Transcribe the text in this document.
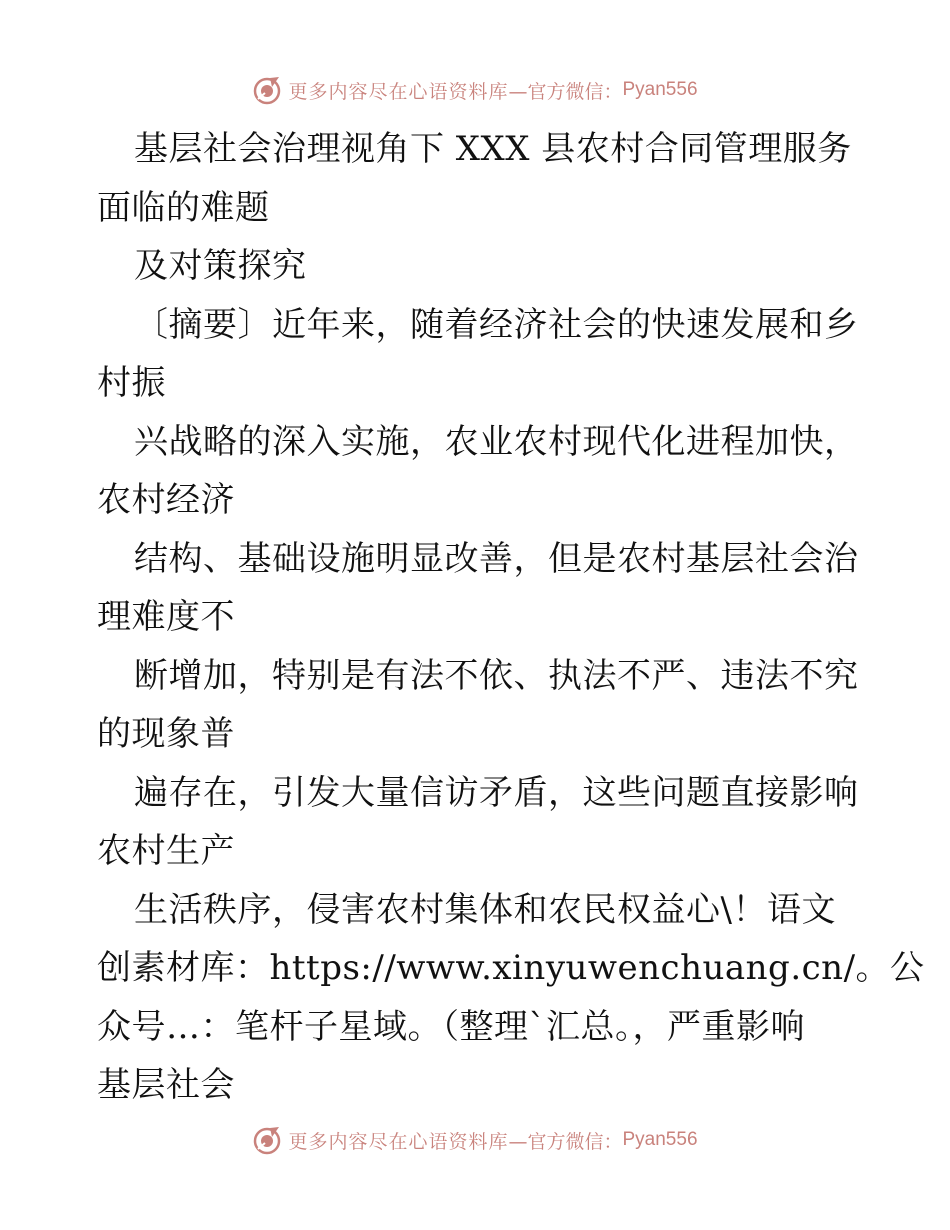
更多内容尽在心语资料库 —官方微信： Pyan556
基层社会治理视角下 XXX 县农村合同管理服务
面临的难题
及对策探究
〔摘要〕近年来，随着经济社会的快速发展和乡
村振
兴战略的深入实施，农业农村现代化进程加快，
农村经济
结构、基础设施明显改善，但是农村基层社会治
理难度不
断增加，特别是有法不依、执法不严、违法不究
的现象普
遍存在，引发大量信访矛盾，这些问题直接影响
农村生产
生活秩序，侵害农村集体和农民权益心\！语文
创素材库：https://www.xinyuwenchuang.cn/。公
众号…：笔杆子星域。（整理`汇总。，严重影响
基层社会
更多内容尽在心语资料库 —官方微信： Pyan556
